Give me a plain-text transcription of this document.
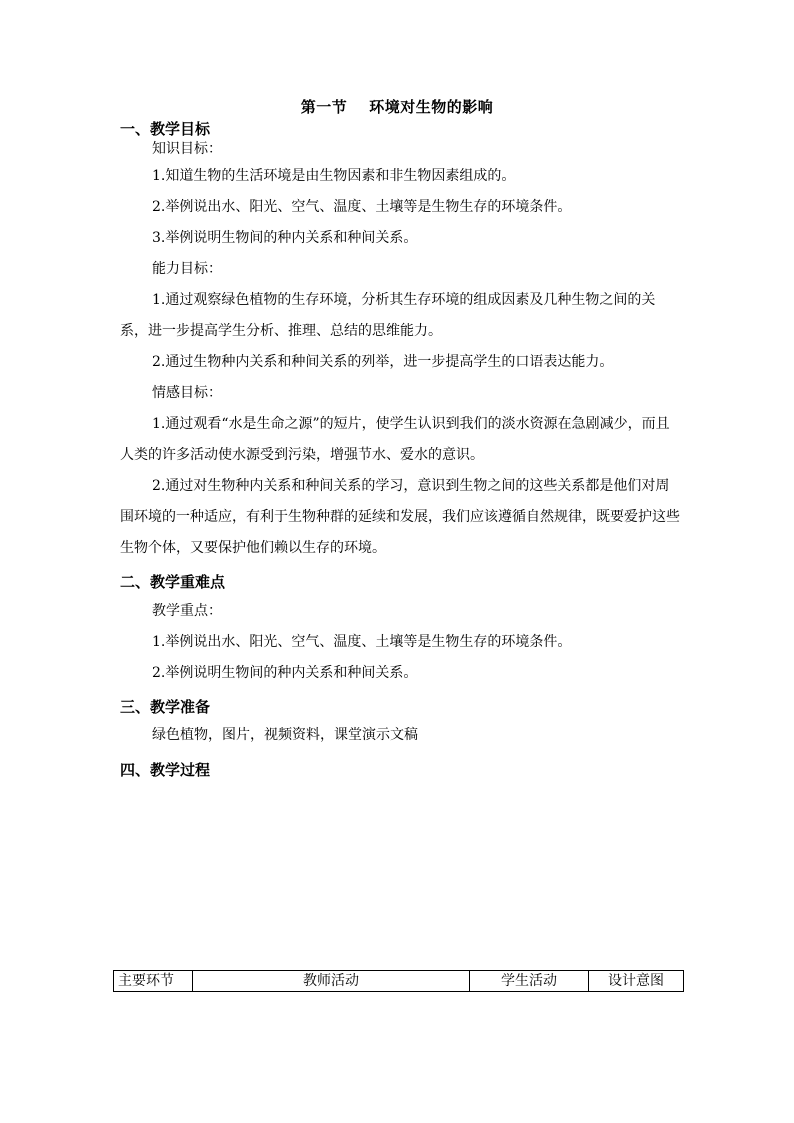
第一节 环境对生物的影响
一、教学目标
知识目标：
1.知道生物的生活环境是由生物因素和非生物因素组成的。
2.举例说出水、阳光、空气、温度、土壤等是生物生存的环境条件。
3.举例说明生物间的种内关系和种间关系。
能力目标：
1.通过观察绿色植物的生存环境，分析其生存环境的组成因素及几种生物之间的关系，进一步提高学生分析、推理、总结的思维能力。
2.通过生物种内关系和种间关系的列举，进一步提高学生的口语表达能力。
情感目标：
1.通过观看“水是生命之源”的短片，使学生认识到我们的淡水资源在急剧减少，而且人类的许多活动使水源受到污染，增强节水、爱水的意识。
2.通过对生物种内关系和种间关系的学习，意识到生物之间的这些关系都是他们对周围环境的一种适应，有利于生物种群的延续和发展，我们应该遵循自然规律，既要爱护这些生物个体，又要保护他们赖以生存的环境。
二、教学重难点
教学重点：
1.举例说出水、阳光、空气、温度、土壤等是生物生存的环境条件。
2.举例说明生物间的种内关系和种间关系。
三、教学准备
绿色植物，图片，视频资料，课堂演示文稿
四、教学过程
主要环节	教师活动	学生活动	设计意图
